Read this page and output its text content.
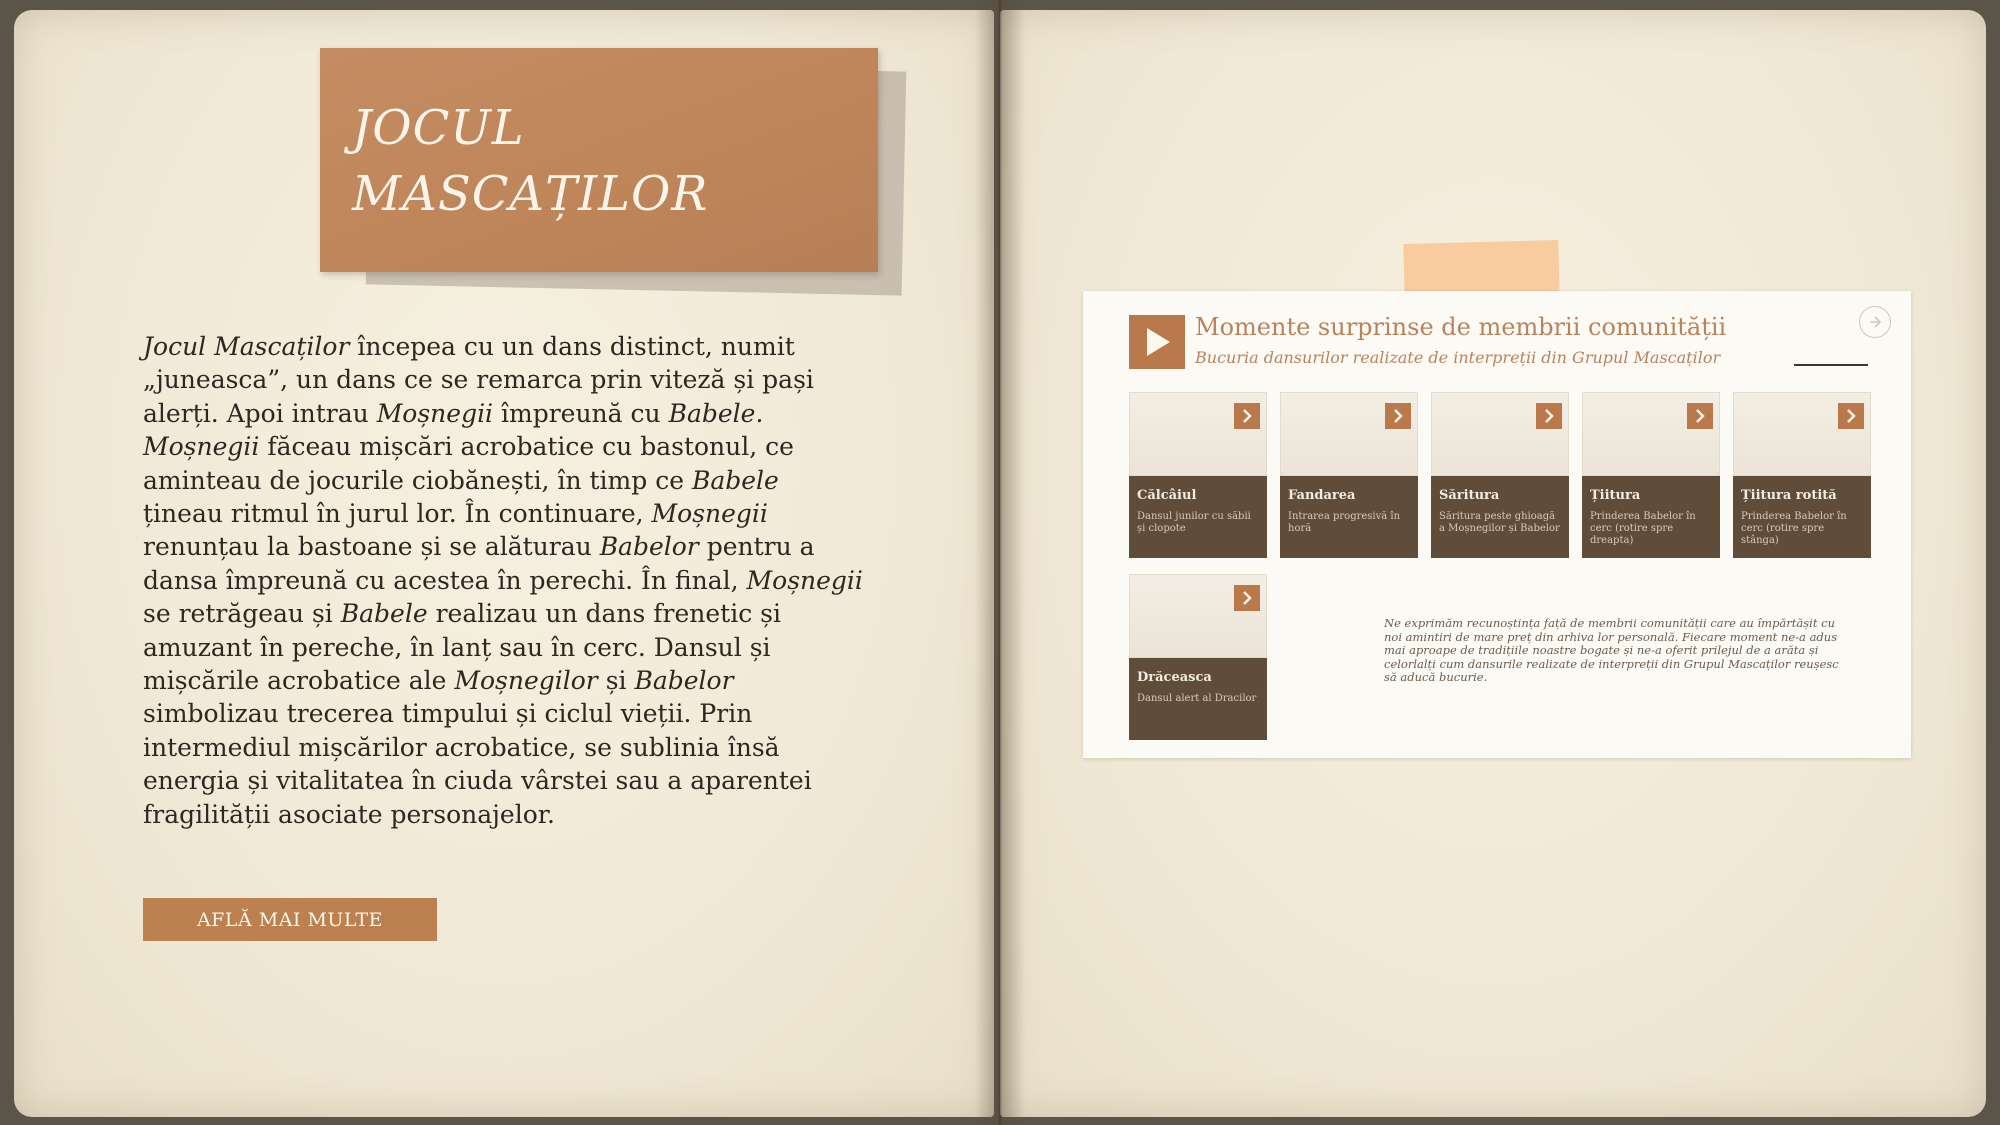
JOCUL
MASCAȚILOR
Jocul Mascaților începea cu un dans distinct, numit
„juneasca”, un dans ce se remarca prin viteză și pași
alerți. Apoi intrau Moșnegii împreună cu Babele.
Moșnegii făceau mișcări acrobatice cu bastonul, ce
aminteau de jocurile ciobănești, în timp ce Babele
țineau ritmul în jurul lor. În continuare, Moșnegii
renunțau la bastoane și se alăturau Babelor pentru a
dansa împreună cu acestea în perechi. În final, Moșnegii
se retrăgeau și Babele realizau un dans frenetic și
amuzant în pereche, în lanț sau în cerc. Dansul și
mișcările acrobatice ale Moșnegilor și Babelor
simbolizau trecerea timpului și ciclul vieții. Prin
intermediul mișcărilor acrobatice, se sublinia însă
energia și vitalitatea în ciuda vârstei sau a aparentei
fragilității asociate personajelor.
AFLĂ MAI MULTE
Momente surprinse de membrii comunității
Bucuria dansurilor realizate de interpreții din Grupul Mascaților
Călcâiul
Dansul junilor cu săbii și clopote
Fandarea
Intrarea progresivă în horă
Săritura
Săritura peste ghioagă a Moșnegilor și Babelor
Țiitura
Prinderea Babelor în cerc (rotire spre dreapta)
Țiitura rotită
Prinderea Babelor în cerc (rotire spre stânga)
Drăceasca
Dansul alert al Dracilor
Ne exprimăm recunoștința față de membrii comunității care au împărtășit cu noi amintiri de mare preț din arhiva lor personală. Fiecare moment ne-a adus mai aproape de tradițiile noastre bogate și ne-a oferit prilejul de a arăta și celorlalți cum dansurile realizate de interpreții din Grupul Mascaților reușesc să aducă bucurie.
